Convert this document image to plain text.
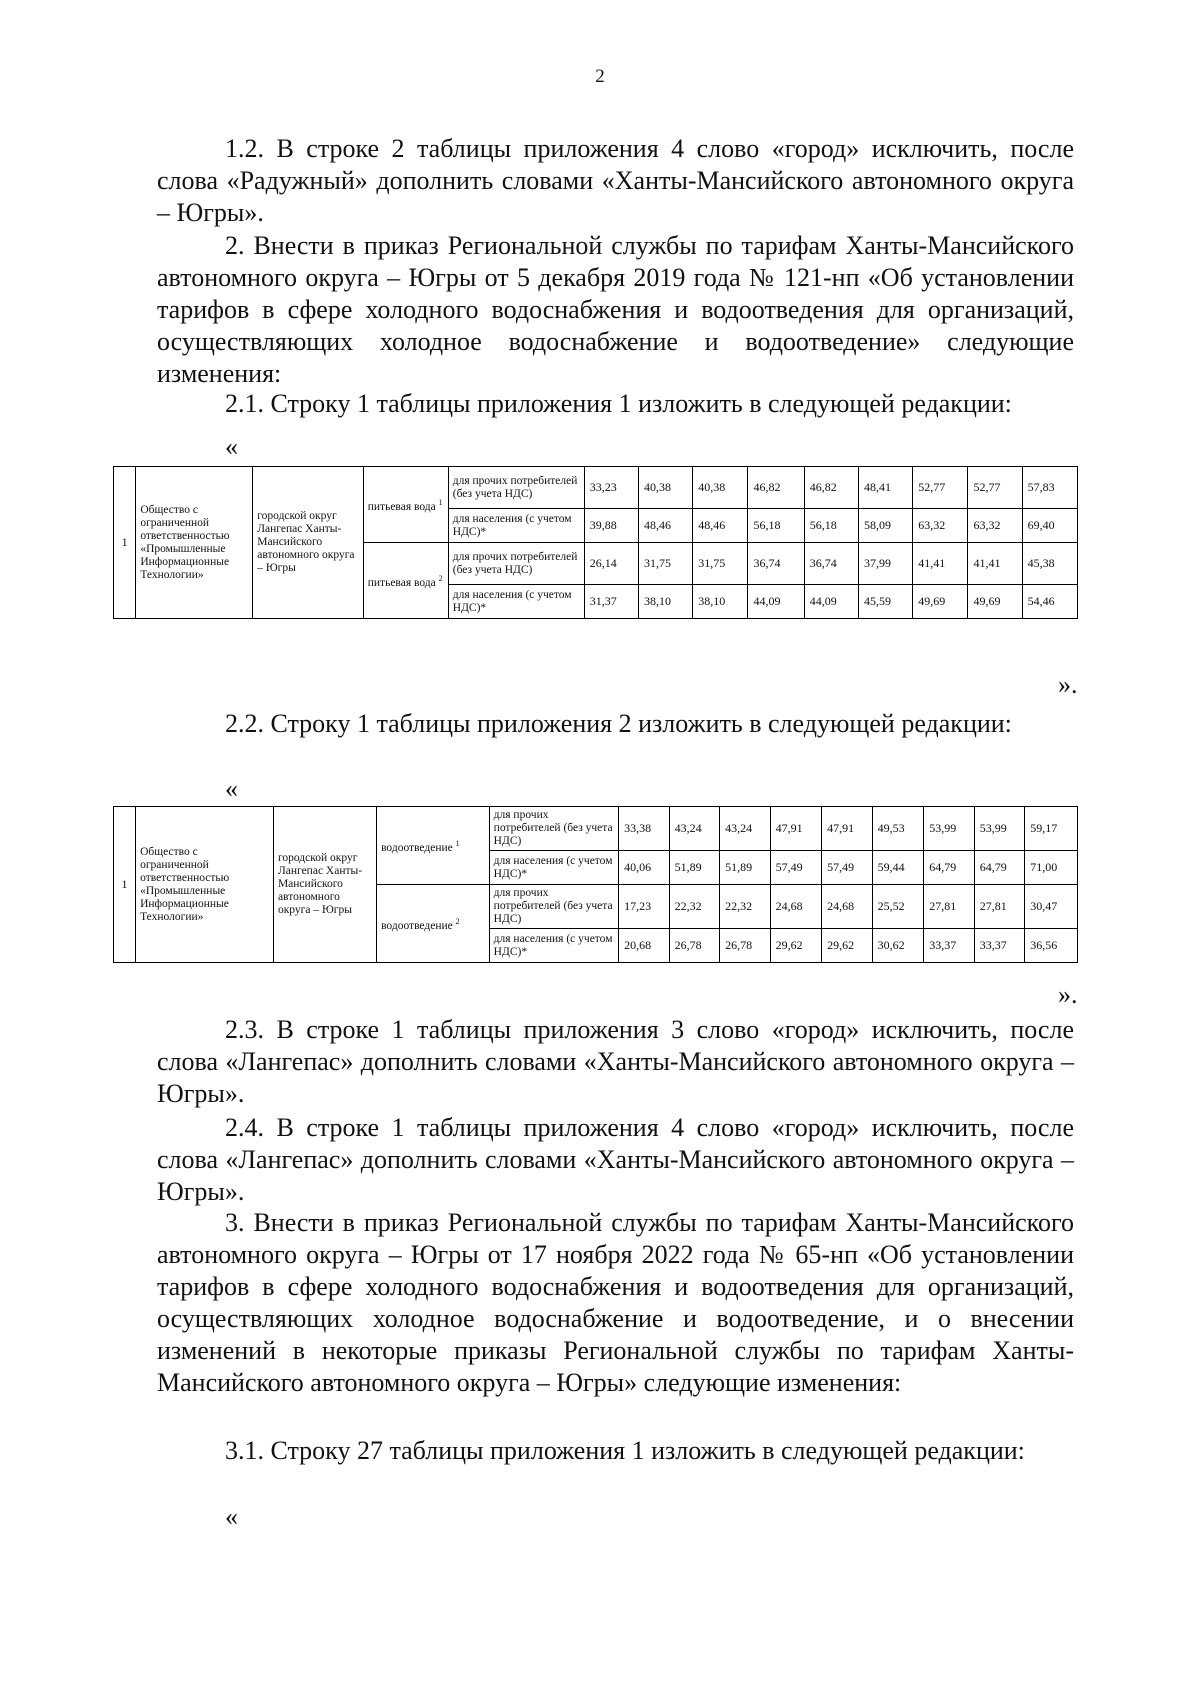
2

1.2. В строке 2 таблицы приложения 4 слово «город» исключить, после слова «Радужный» дополнить словами «Ханты-Мансийского автономного округа – Югры».

2. Внести в приказ Региональной службы по тарифам Ханты-Мансийского автономного округа – Югры от 5 декабря 2019 года № 121-нп «Об установлении тарифов в сфере холодного водоснабжения и водоотведения для организаций, осуществляющих холодное водоснабжение и водоотведение» следующие изменения:

2.1. Строку 1 таблицы приложения 1 изложить в следующей редакции:

«
1	Общество с ограниченной ответственностью «Промышленные Информационные Технологии»	городской округ Лангепас Ханты-Мансийского автономного округа – Югры	питьевая вода $^1$	для прочих потребителей (без учета НДС)	33,23	40,38	40,38	46,82	46,82	48,41	52,77	52,77	57,83
				для населения (с учетом НДС)*	39,88	48,46	48,46	56,18	56,18	58,09	63,32	63,32	69,40
			питьевая вода $^2$	для прочих потребителей (без учета НДС)	26,14	31,75	31,75	36,74	36,74	37,99	41,41	41,41	45,38
				для населения (с учетом НДС)*	31,37	38,10	38,10	44,09	44,09	45,59	49,69	49,69	54,46
».

2.2. Строку 1 таблицы приложения 2 изложить в следующей редакции:

«
1	Общество с ограниченной ответственностью «Промышленные Информационные Технологии»	городской округ Лангепас Ханты-Мансийского автономного округа – Югры	водоотведение $^1$	для прочих потребителей (без учета НДС)	33,38	43,24	43,24	47,91	47,91	49,53	53,99	53,99	59,17
				для населения (с учетом НДС)*	40,06	51,89	51,89	57,49	57,49	59,44	64,79	64,79	71,00
			водоотведение $^2$	для прочих потребителей (без учета НДС)	17,23	22,32	22,32	24,68	24,68	25,52	27,81	27,81	30,47
				для населения (с учетом НДС)*	20,68	26,78	26,78	29,62	29,62	30,62	33,37	33,37	36,56
».

2.3. В строке 1 таблицы приложения 3 слово «город» исключить, после слова «Лангепас» дополнить словами «Ханты-Мансийского автономного округа – Югры».

2.4. В строке 1 таблицы приложения 4 слово «город» исключить, после слова «Лангепас» дополнить словами «Ханты-Мансийского автономного округа – Югры».

3. Внести в приказ Региональной службы по тарифам Ханты-Мансийского автономного округа – Югры от 17 ноября 2022 года № 65-нп «Об установлении тарифов в сфере холодного водоснабжения и водоотведения для организаций, осуществляющих холодное водоснабжение и водоотведение, и о внесении изменений в некоторые приказы Региональной службы по тарифам Ханты-Мансийского автономного округа – Югры» следующие изменения:

3.1. Строку 27 таблицы приложения 1 изложить в следующей редакции:

«
